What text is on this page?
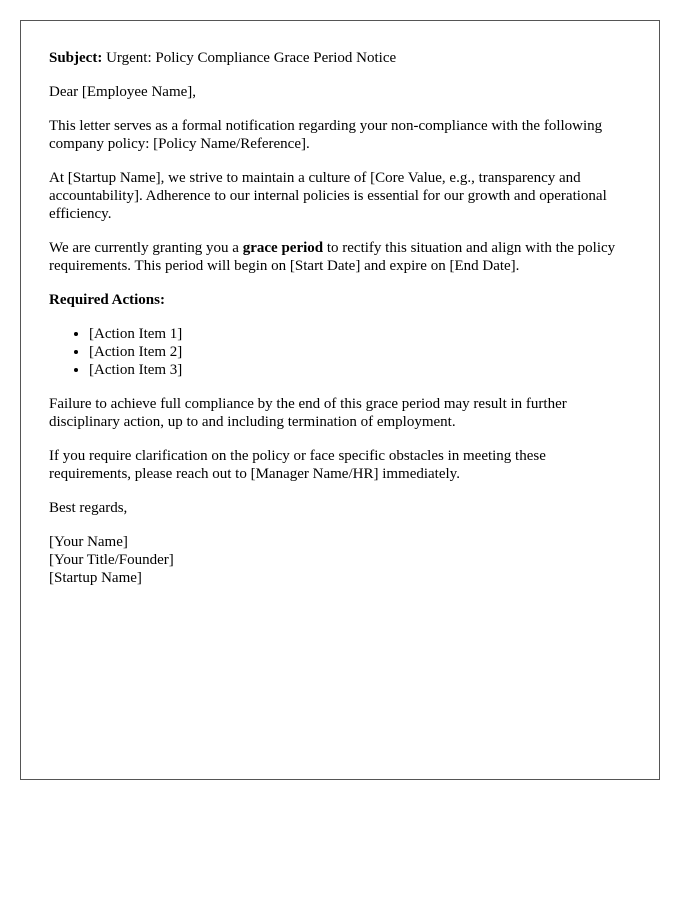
Subject: Urgent: Policy Compliance Grace Period Notice

Dear [Employee Name],

This letter serves as a formal notification regarding your non-compliance with the following company policy: [Policy Name/Reference].

At [Startup Name], we strive to maintain a culture of [Core Value, e.g., transparency and accountability]. Adherence to our internal policies is essential for our growth and operational efficiency.

We are currently granting you a grace period to rectify this situation and align with the policy requirements. This period will begin on [Start Date] and expire on [End Date].

Required Actions:

• [Action Item 1]
• [Action Item 2]
• [Action Item 3]

Failure to achieve full compliance by the end of this grace period may result in further disciplinary action, up to and including termination of employment.

If you require clarification on the policy or face specific obstacles in meeting these requirements, please reach out to [Manager Name/HR] immediately.

Best regards,

[Your Name]
[Your Title/Founder]
[Startup Name]
